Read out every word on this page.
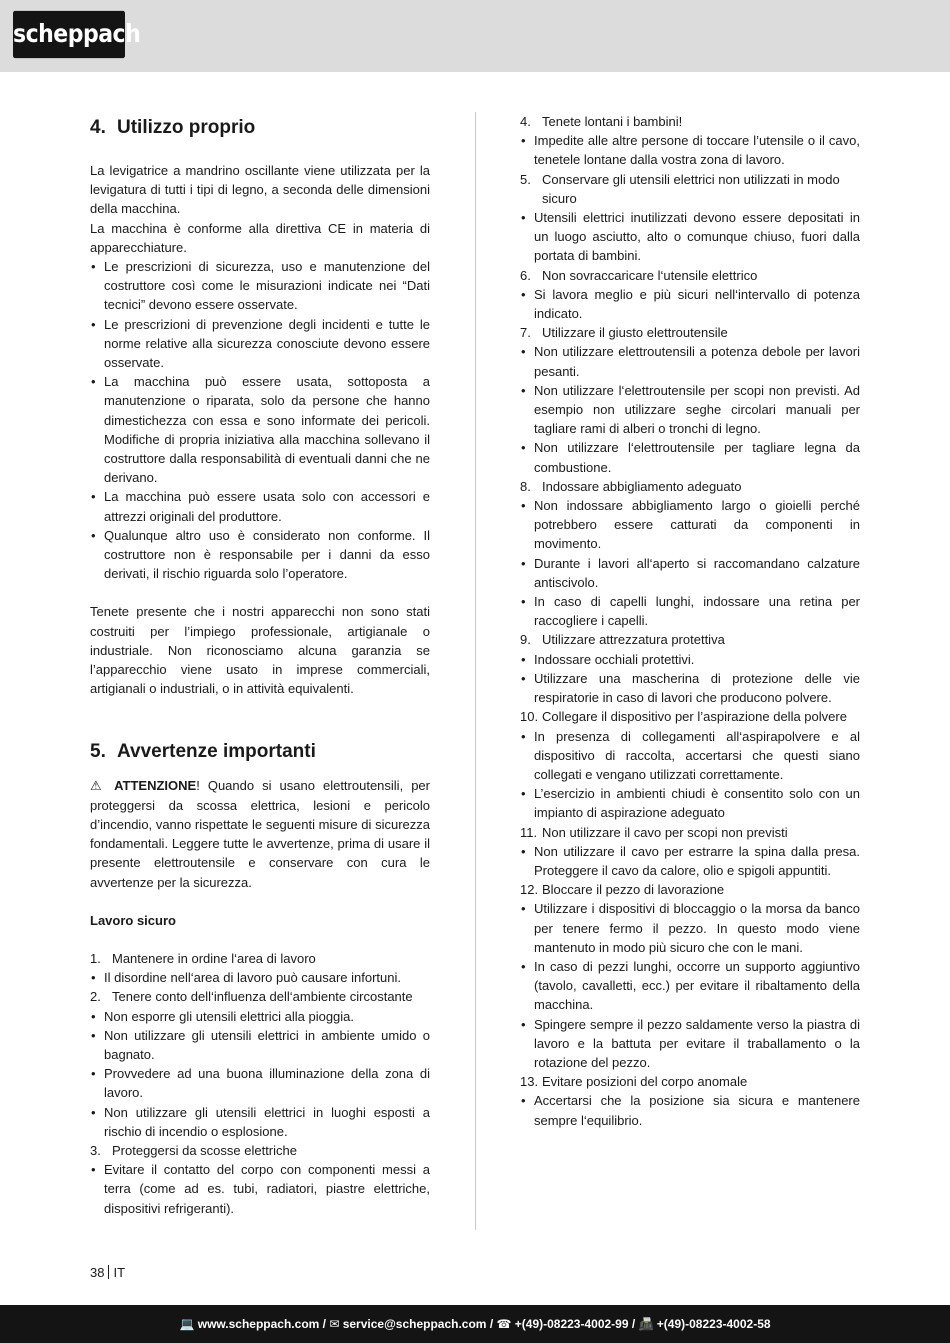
scheppach
4. Utilizzo proprio

La levigatrice a mandrino oscillante viene utilizzata per la levigatura di tutti i tipi di legno, a seconda delle dimensioni della macchina.

La macchina è conforme alla direttiva CE in materia di apparecchiature.

• Le prescrizioni di sicurezza, uso e manutenzione del costruttore così come le misurazioni indicate nei “Dati tecnici” devono essere osservate.
• Le prescrizioni di prevenzione degli incidenti e tutte le norme relative alla sicurezza conosciute devono essere osservate.
• La macchina può essere usata, sottoposta a manutenzione o riparata, solo da persone che hanno dimestichezza con essa e sono informate dei pericoli. Modifiche di propria iniziativa alla macchina sollevano il costruttore dalla responsabilità di eventuali danni che ne derivano.
• La macchina può essere usata solo con accessori e attrezzi originali del produttore.
• Qualunque altro uso è considerato non conforme. Il costruttore non è responsabile per i danni da esso derivati, il rischio riguarda solo l’operatore.

Tenete presente che i nostri apparecchi non sono stati costruiti per l’impiego professionale, artigianale o industriale. Non riconosciamo alcuna garanzia se l’apparecchio viene usato in imprese commerciali, artigianali o industriali, o in attività equivalenti.

5. Avvertenze importanti

⚠ ATTENZIONE! Quando si usano elettroutensili, per proteggersi da scossa elettrica, lesioni e pericolo d’incendio, vanno rispettate le seguenti misure di sicurezza fondamentali. Leggere tutte le avvertenze, prima di usare il presente elettroutensile e conservare con cura le avvertenze per la sicurezza.

Lavoro sicuro

1. Mantenere in ordine l‘area di lavoro
• Il disordine nell‘area di lavoro può causare infortuni.
2. Tenere conto dell‘influenza dell‘ambiente circostante
• Non esporre gli utensili elettrici alla pioggia.
• Non utilizzare gli utensili elettrici in ambiente umido o bagnato.
• Provvedere ad una buona illuminazione della zona di lavoro.
• Non utilizzare gli utensili elettrici in luoghi esposti a rischio di incendio o esplosione.
3. Proteggersi da scosse elettriche
• Evitare il contatto del corpo con componenti messi a terra (come ad es. tubi, radiatori, piastre elettriche, dispositivi refrigeranti).
4. Tenete lontani i bambini!
• Impedite alle altre persone di toccare l’utensile o il cavo, tenetele lontane dalla vostra zona di lavoro.
5. Conservare gli utensili elettrici non utilizzati in modo sicuro
• Utensili elettrici inutilizzati devono essere depositati in un luogo asciutto, alto o comunque chiuso, fuori dalla portata di bambini.
6. Non sovraccaricare l‘utensile elettrico
• Si lavora meglio e più sicuri nell‘intervallo di potenza indicato.
7. Utilizzare il giusto elettroutensile
• Non utilizzare elettroutensili a potenza debole per lavori pesanti.
• Non utilizzare l‘elettroutensile per scopi non previsti. Ad esempio non utilizzare seghe circolari manuali per tagliare rami di alberi o tronchi di legno.
• Non utilizzare l‘elettroutensile per tagliare legna da combustione.
8. Indossare abbigliamento adeguato
• Non indossare abbigliamento largo o gioielli perché potrebbero essere catturati da componenti in movimento.
• Durante i lavori all‘aperto si raccomandano calzature antiscivolo.
• In caso di capelli lunghi, indossare una retina per raccogliere i capelli.
9. Utilizzare attrezzatura protettiva
• Indossare occhiali protettivi.
• Utilizzare una mascherina di protezione delle vie respiratorie in caso di lavori che producono polvere.
10. Collegare il dispositivo per l’aspirazione della polvere
• In presenza di collegamenti all‘aspirapolvere e al dispositivo di raccolta, accertarsi che questi siano collegati e vengano utilizzati correttamente.
• L’esercizio in ambienti chiudi è consentito solo con un impianto di aspirazione adeguato
11. Non utilizzare il cavo per scopi non previsti
• Non utilizzare il cavo per estrarre la spina dalla presa. Proteggere il cavo da calore, olio e spigoli appuntiti.
12. Bloccare il pezzo di lavorazione
• Utilizzare i dispositivi di bloccaggio o la morsa da banco per tenere fermo il pezzo. In questo modo viene mantenuto in modo più sicuro che con le mani.
• In caso di pezzi lunghi, occorre un supporto aggiuntivo (tavolo, cavalletti, ecc.) per evitare il ribaltamento della macchina.
• Spingere sempre il pezzo saldamente verso la piastra di lavoro e la battuta per evitare il traballamento o la rotazione del pezzo.
13. Evitare posizioni del corpo anomale
• Accertarsi che la posizione sia sicura e mantenere sempre l‘equilibrio.
38 IT
💻 www.scheppach.com / ✉ service@scheppach.com / ☎ +(49)-08223-4002-99 / 📠 +(49)-08223-4002-58
